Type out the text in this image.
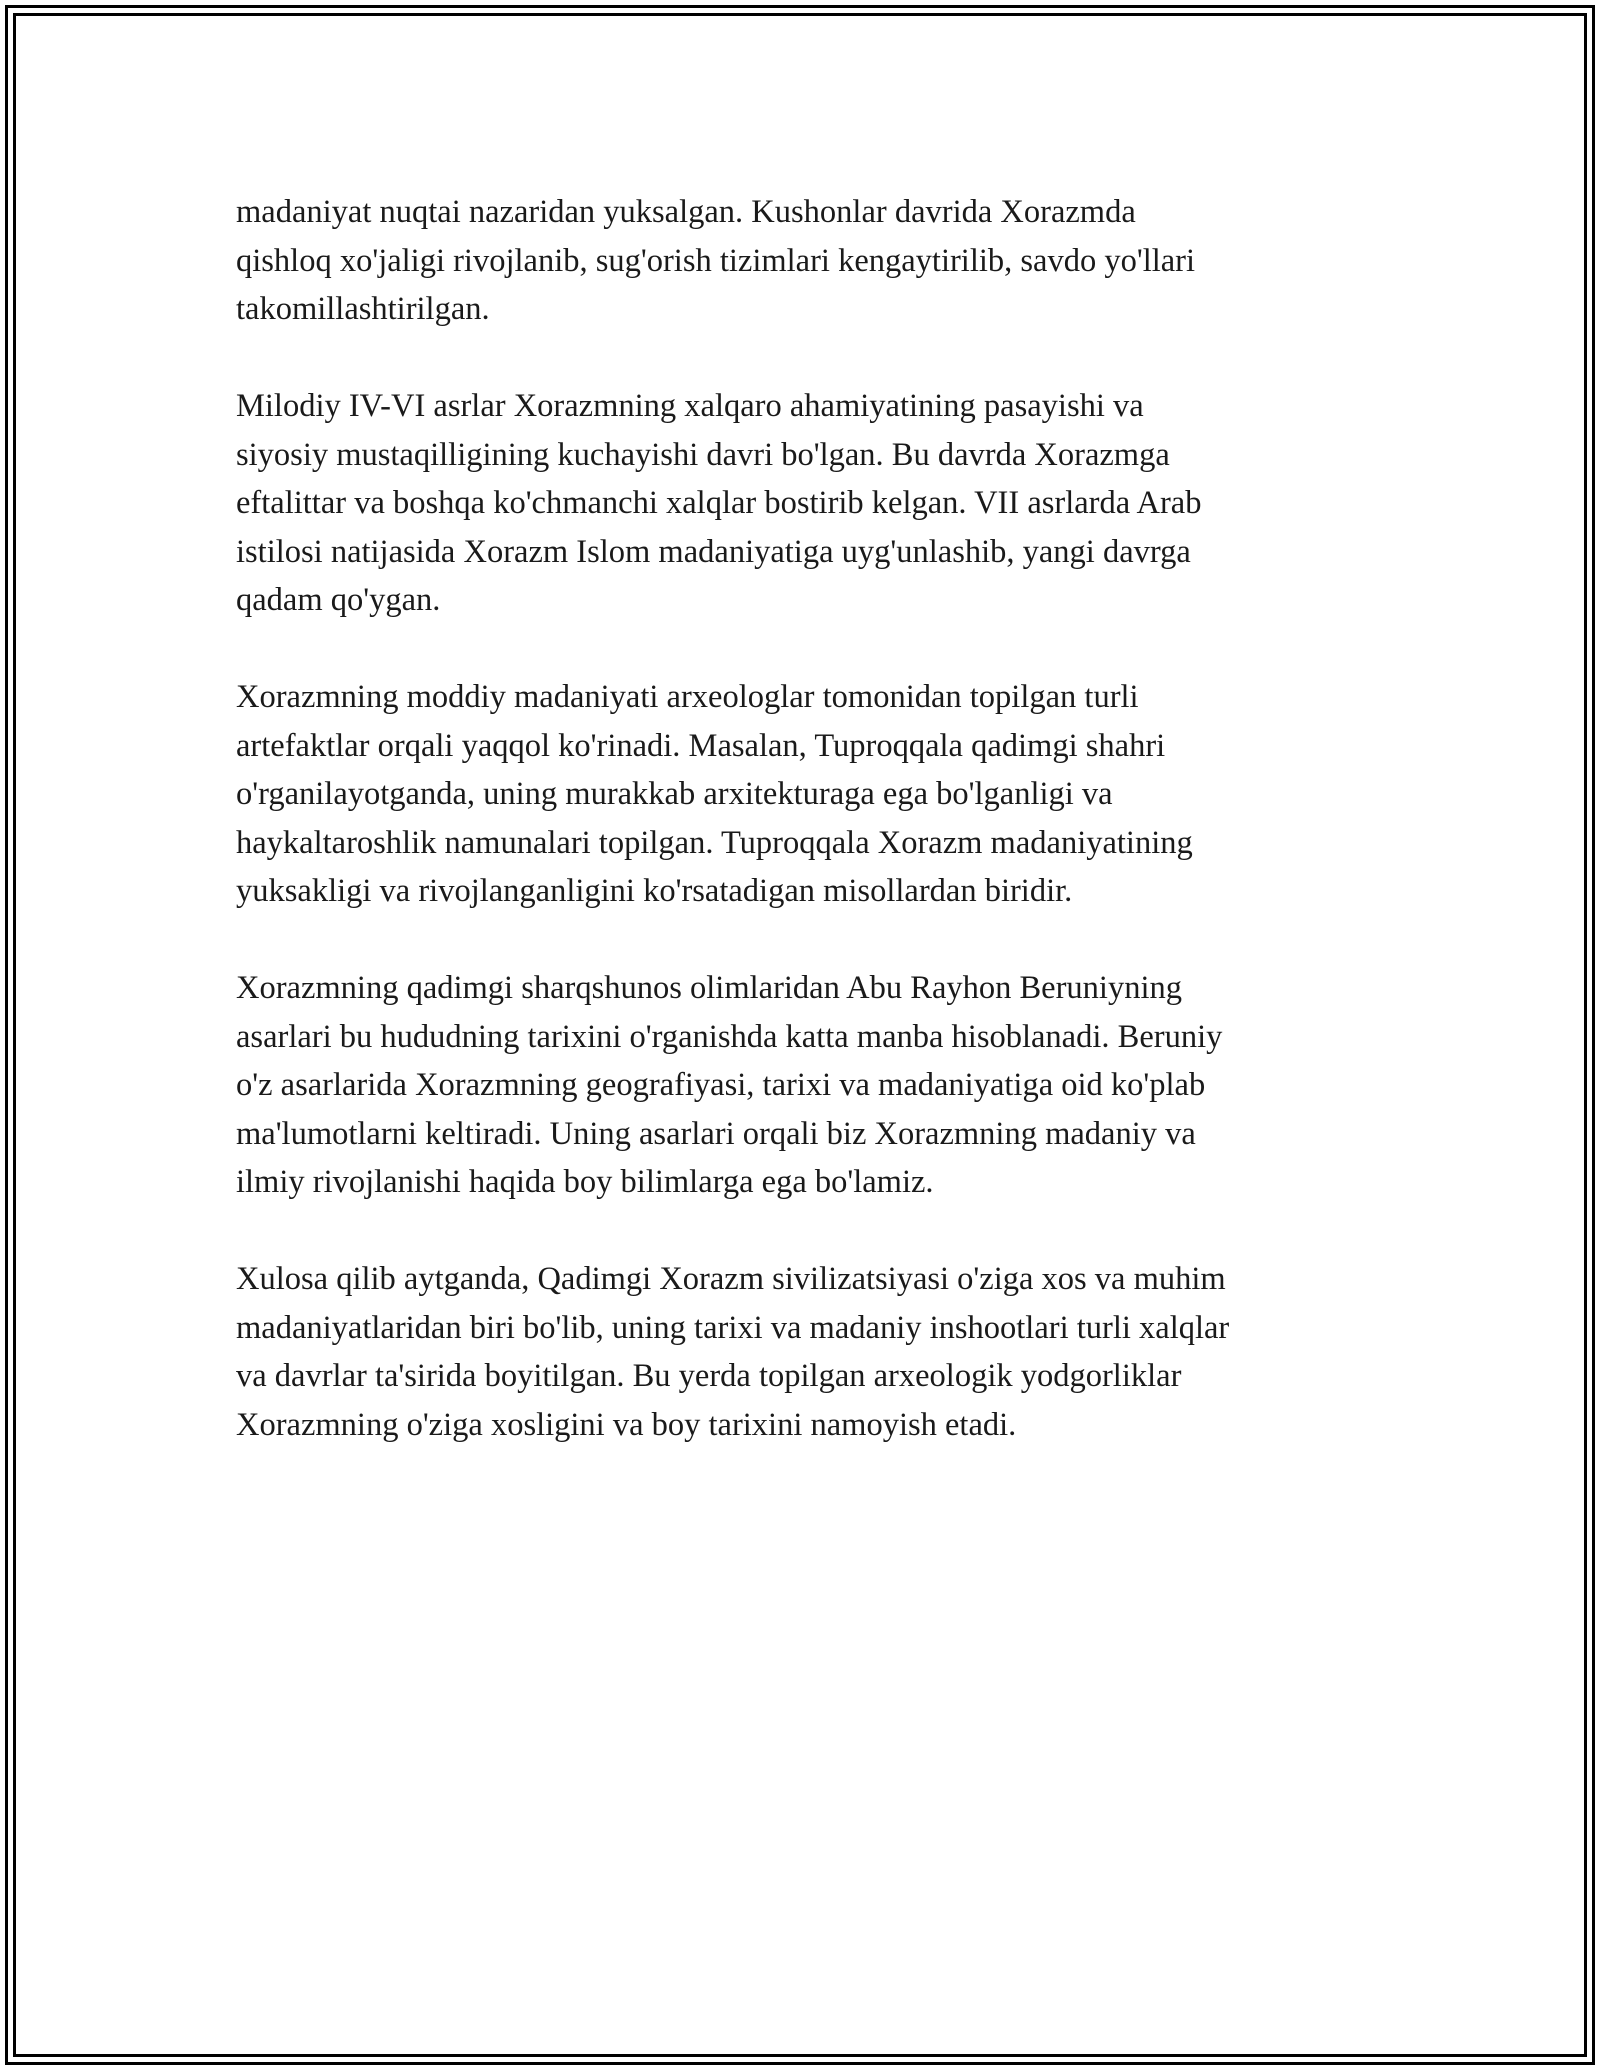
madaniyat nuqtai nazaridan yuksalgan. Kushonlar davrida Xorazmda
qishloq xo'jaligi rivojlanib, sug'orish tizimlari kengaytirilib, savdo yo'llari
takomillashtirilgan.

Milodiy IV-VI asrlar Xorazmning xalqaro ahamiyatining pasayishi va
siyosiy mustaqilligining kuchayishi davri bo'lgan. Bu davrda Xorazmga
eftalittar va boshqa ko'chmanchi xalqlar bostirib kelgan. VII asrlarda Arab
istilosi natijasida Xorazm Islom madaniyatiga uyg'unlashib, yangi davrga
qadam qo'ygan.

Xorazmning moddiy madaniyati arxeologlar tomonidan topilgan turli
artefaktlar orqali yaqqol ko'rinadi. Masalan, Tuproqqala qadimgi shahri
o'rganilayotganda, uning murakkab arxitekturaga ega bo'lganligi va
haykaltaroshlik namunalari topilgan. Tuproqqala Xorazm madaniyatining
yuksakligi va rivojlanganligini ko'rsatadigan misollardan biridir.

Xorazmning qadimgi sharqshunos olimlaridan Abu Rayhon Beruniyning
asarlari bu hududning tarixini o'rganishda katta manba hisoblanadi. Beruniy
o'z asarlarida Xorazmning geografiyasi, tarixi va madaniyatiga oid ko'plab
ma'lumotlarni keltiradi. Uning asarlari orqali biz Xorazmning madaniy va
ilmiy rivojlanishi haqida boy bilimlarga ega bo'lamiz.

Xulosa qilib aytganda, Qadimgi Xorazm sivilizatsiyasi o'ziga xos va muhim
madaniyatlaridan biri bo'lib, uning tarixi va madaniy inshootlari turli xalqlar
va davrlar ta'sirida boyitilgan. Bu yerda topilgan arxeologik yodgorliklar
Xorazmning o'ziga xosligini va boy tarixini namoyish etadi.
